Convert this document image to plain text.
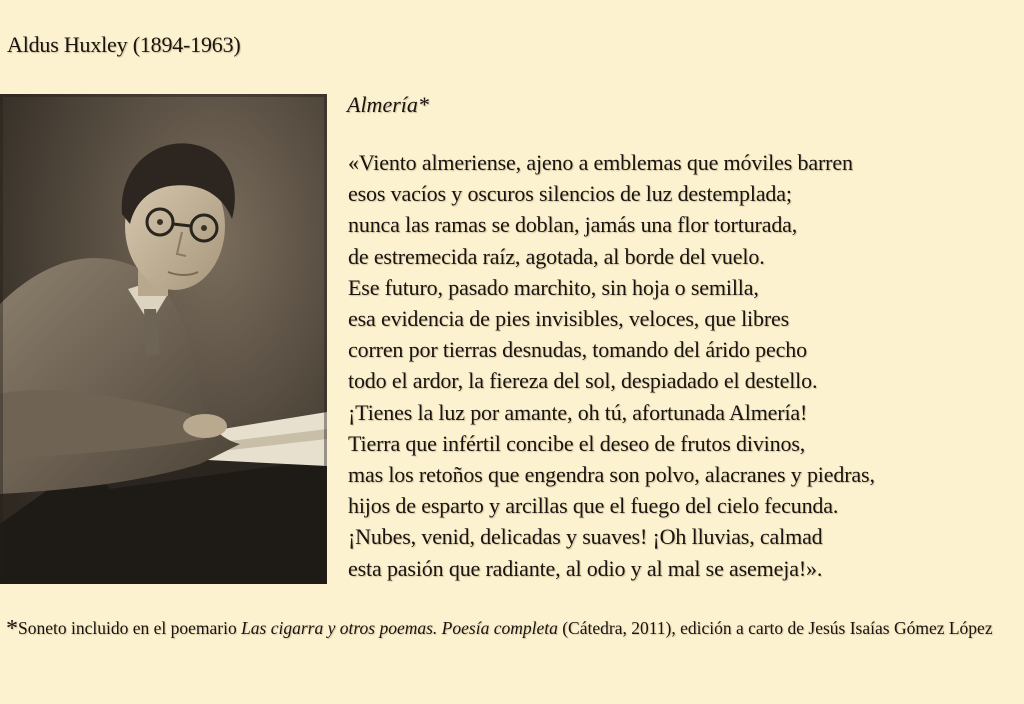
Aldus Huxley (1894-1963)
Almería*
«Viento almeriense, ajeno a emblemas que móviles barren
esos vacíos y oscuros silencios de luz destemplada;
nunca las ramas se doblan, jamás una flor torturada,
de estremecida raíz, agotada, al borde del vuelo.
Ese futuro, pasado marchito, sin hoja o semilla,
esa evidencia de pies invisibles, veloces, que libres
corren por tierras desnudas, tomando del árido pecho
todo el ardor, la fiereza del sol, despiadado el destello.
¡Tienes la luz por amante, oh tú, afortunada Almería!
Tierra que infértil concibe el deseo de frutos divinos,
mas los retoños que engendra son polvo, alacranes y piedras,
hijos de esparto y arcillas que el fuego del cielo fecunda.
¡Nubes, venid, delicadas y suaves! ¡Oh lluvias, calmad
esta pasión que radiante, al odio y al mal se asemeja!».
*Soneto incluido en el poemario Las cigarra y otros poemas. Poesía completa (Cátedra, 2011), edición a carto de Jesús Isaías Gómez López
